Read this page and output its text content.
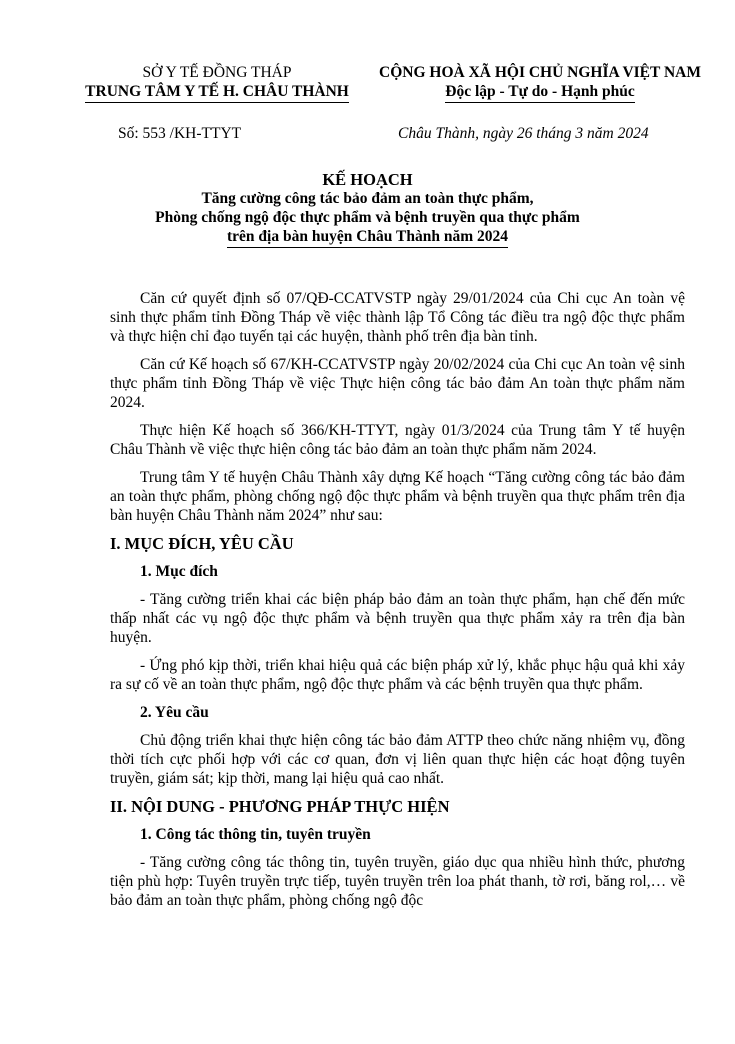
SỞ Y TẾ ĐỒNG THÁP
TRUNG TÂM Y TẾ H. CHÂU THÀNH
CỘNG HOÀ XÃ HỘI CHỦ NGHĨA VIỆT NAM
Độc lập - Tự do - Hạnh phúc
Số: 553 /KH-TTYT	Châu Thành, ngày 26 tháng 3 năm 2024
KẾ HOẠCH
Tăng cường công tác bảo đảm an toàn thực phẩm,
Phòng chống ngộ độc thực phẩm và bệnh truyền qua thực phẩm
trên địa bàn huyện Châu Thành năm 2024

Căn cứ quyết định số 07/QĐ-CCATVSTP ngày 29/01/2024 của Chi cục An toàn vệ sinh thực phẩm tỉnh Đồng Tháp về việc thành lập Tổ Công tác điều tra ngộ độc thực phẩm và thực hiện chỉ đạo tuyến tại các huyện, thành phố trên địa bàn tỉnh.

Căn cứ Kế hoạch số 67/KH-CCATVSTP ngày 20/02/2024 của Chi cục An toàn vệ sinh thực phẩm tỉnh Đồng Tháp về việc Thực hiện công tác bảo đảm An toàn thực phẩm năm 2024.

Thực hiện Kế hoạch số 366/KH-TTYT, ngày 01/3/2024 của Trung tâm Y tế huyện Châu Thành về việc thực hiện công tác bảo đảm an toàn thực phẩm năm 2024.

Trung tâm Y tế huyện Châu Thành xây dựng Kế hoạch “Tăng cường công tác bảo đảm an toàn thực phẩm, phòng chống ngộ độc thực phẩm và bệnh truyền qua thực phẩm trên địa bàn huyện Châu Thành năm 2024” như sau:

I. MỤC ĐÍCH, YÊU CẦU
1. Mục đích

- Tăng cường triển khai các biện pháp bảo đảm an toàn thực phẩm, hạn chế đến mức thấp nhất các vụ ngộ độc thực phẩm và bệnh truyền qua thực phẩm xảy ra trên địa bàn huyện.

- Ứng phó kịp thời, triển khai hiệu quả các biện pháp xử lý, khắc phục hậu quả khi xảy ra sự cố về an toàn thực phẩm, ngộ độc thực phẩm và các bệnh truyền qua thực phẩm.

2. Yêu cầu

Chủ động triển khai thực hiện công tác bảo đảm ATTP theo chức năng nhiệm vụ, đồng thời tích cực phối hợp với các cơ quan, đơn vị liên quan thực hiện các hoạt động tuyên truyền, giám sát; kịp thời, mang lại hiệu quả cao nhất.

II. NỘI DUNG - PHƯƠNG PHÁP THỰC HIỆN
1. Công tác thông tin, tuyên truyền

- Tăng cường công tác thông tin, tuyên truyền, giáo dục qua nhiều hình thức, phương tiện phù hợp: Tuyên truyền trực tiếp, tuyên truyền trên loa phát thanh, tờ rơi, băng rol,… về bảo đảm an toàn thực phẩm, phòng chống ngộ độc
